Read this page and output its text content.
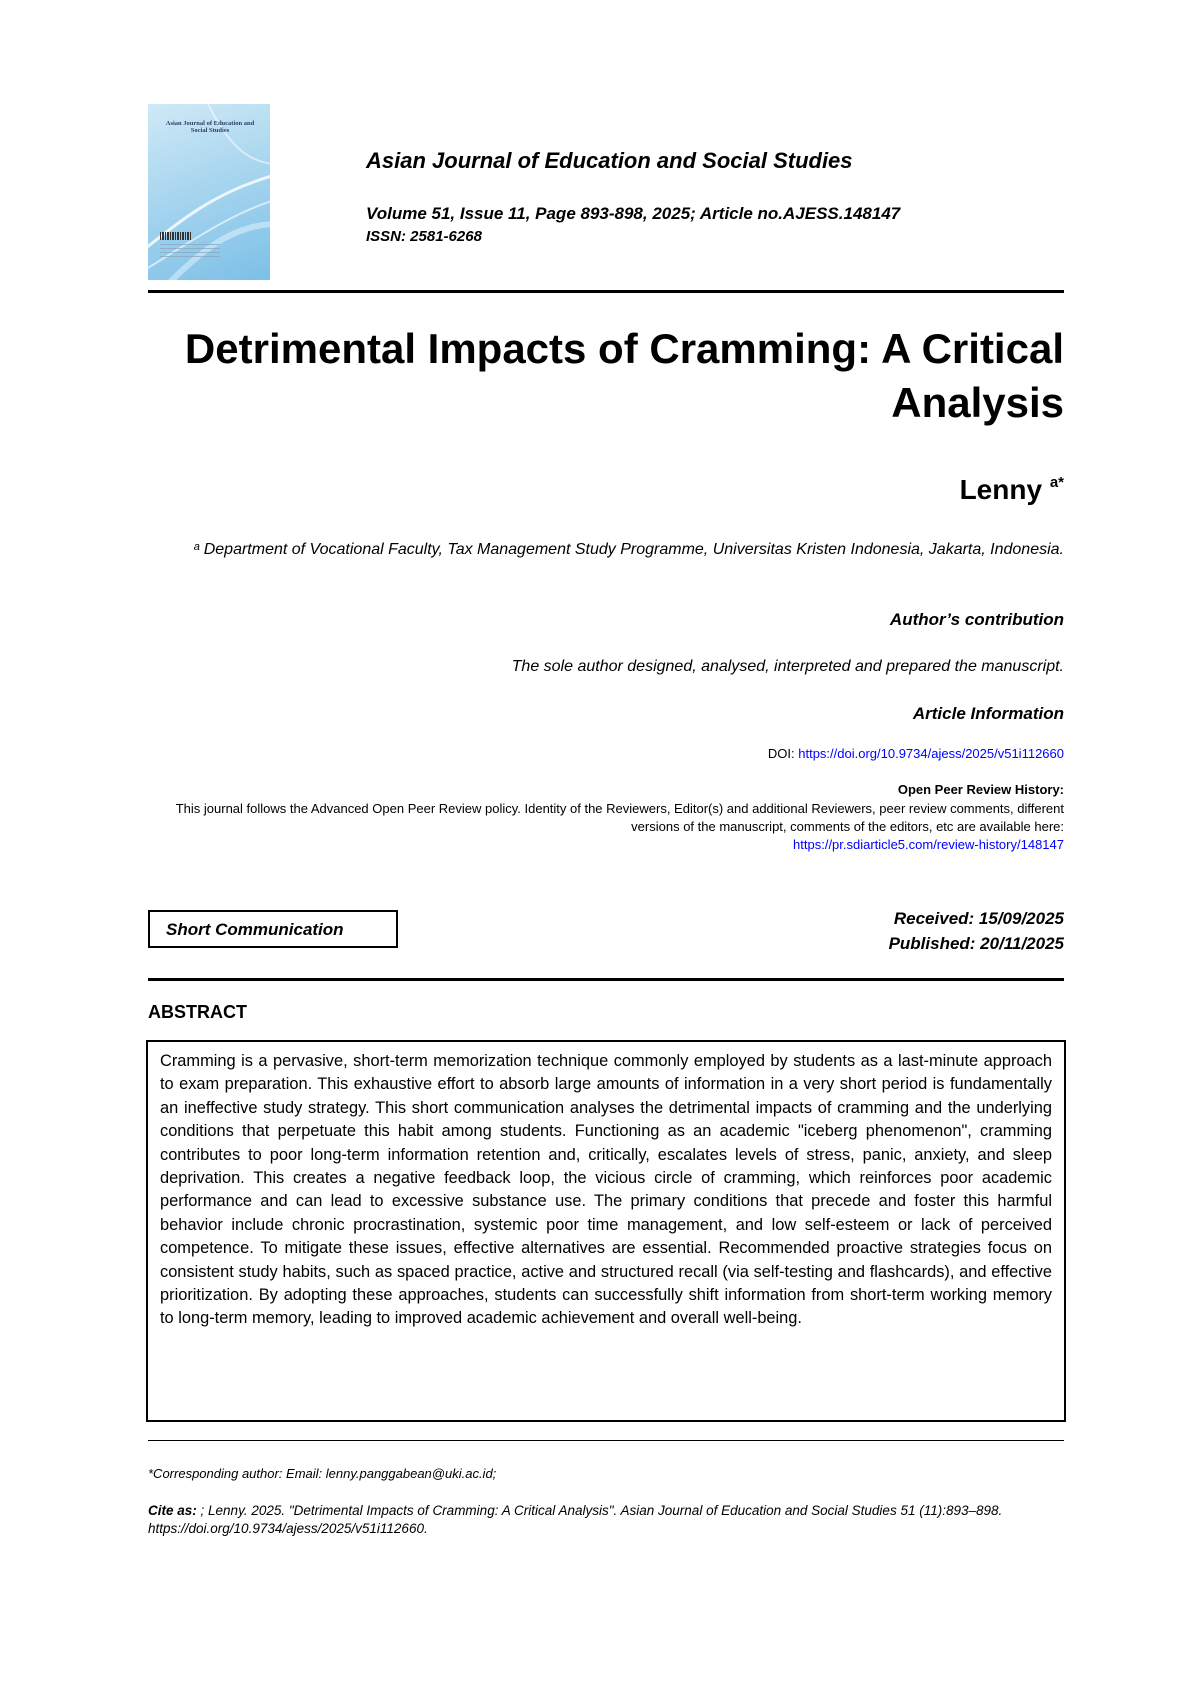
Asian Journal of Education and Social Studies
Asian Journal of Education and Social Studies
Volume 51, Issue 11, Page 893-898, 2025; Article no.AJESS.148147
ISSN: 2581-6268
Detrimental Impacts of Cramming: A Critical Analysis
Lenny $^{a*}$
ᵃ Department of Vocational Faculty, Tax Management Study Programme, Universitas Kristen Indonesia, Jakarta, Indonesia.
Author’s contribution
The sole author designed, analysed, interpreted and prepared the manuscript.
Article Information
DOI: https://doi.org/10.9734/ajess/2025/v51i112660
Open Peer Review History:
This journal follows the Advanced Open Peer Review policy. Identity of the Reviewers, Editor(s) and additional Reviewers, peer review comments, different versions of the manuscript, comments of the editors, etc are available here:
https://pr.sdiarticle5.com/review-history/148147
Short Communication
Received: 15/09/2025
Published: 20/11/2025
ABSTRACT
Cramming is a pervasive, short-term memorization technique commonly employed by students as a last-minute approach to exam preparation. This exhaustive effort to absorb large amounts of information in a very short period is fundamentally an ineffective study strategy. This short communication analyses the detrimental impacts of cramming and the underlying conditions that perpetuate this habit among students. Functioning as an academic "iceberg phenomenon", cramming contributes to poor long-term information retention and, critically, escalates levels of stress, panic, anxiety, and sleep deprivation. This creates a negative feedback loop, the vicious circle of cramming, which reinforces poor academic performance and can lead to excessive substance use. The primary conditions that precede and foster this harmful behavior include chronic procrastination, systemic poor time management, and low self-esteem or lack of perceived competence. To mitigate these issues, effective alternatives are essential. Recommended proactive strategies focus on consistent study habits, such as spaced practice, active and structured recall (via self-testing and flashcards), and effective prioritization. By adopting these approaches, students can successfully shift information from short-term working memory to long-term memory, leading to improved academic achievement and overall well-being.
*Corresponding author: Email: lenny.panggabean@uki.ac.id;
Cite as: ; Lenny. 2025. "Detrimental Impacts of Cramming: A Critical Analysis". Asian Journal of Education and Social Studies 51 (11):893–898. https://doi.org/10.9734/ajess/2025/v51i112660.
